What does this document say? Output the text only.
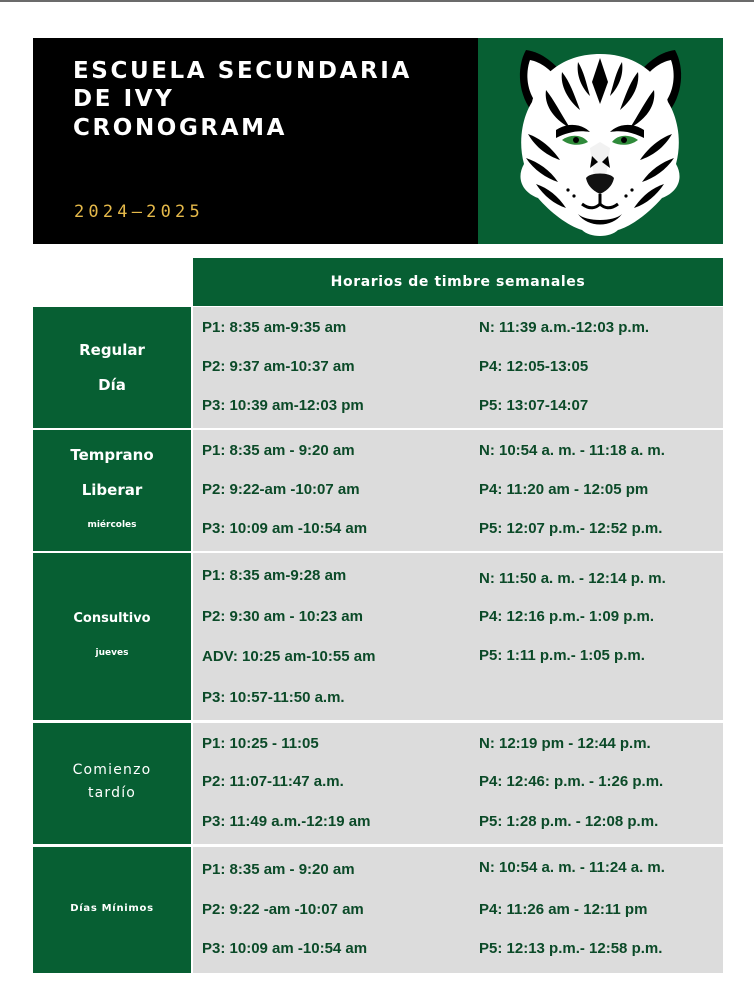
ESCUELA SECUNDARIA
DE IVY
CRONOGRAMA
2024–2025
Horarios de timbre semanales
Regular
Día
P1: 8:35 am-9:35 am
P2: 9:37 am-10:37 am
P3: 10:39 am-12:03 pm
N: 11:39 a.m.-12:03 p.m.
P4: 12:05-13:05
P5: 13:07-14:07
Temprano
Liberar
miércoles
P1: 8:35 am - 9:20 am
P2: 9:22-am -10:07 am
P3: 10:09 am -10:54 am
N: 10:54 a. m. - 11:18 a. m.
P4: 11:20 am - 12:05 pm
P5: 12:07 p.m.- 12:52 p.m.
Consultivo
jueves
P1: 8:35 am-9:28 am
P2: 9:30 am - 10:23 am
ADV: 10:25 am-10:55 am
P3: 10:57-11:50 a.m.
N: 11:50 a. m. - 12:14 p. m.
P4: 12:16 p.m.- 1:09 p.m.
P5: 1:11 p.m.- 1:05 p.m.
Comienzo
tardío
P1: 10:25 - 11:05
P2: 11:07-11:47 a.m.
P3: 11:49 a.m.-12:19 am
N: 12:19 pm - 12:44 p.m.
P4: 12:46: p.m. - 1:26 p.m.
P5: 1:28 p.m. - 12:08 p.m.
Días Mínimos
P1: 8:35 am - 9:20 am
P2: 9:22 -am -10:07 am
P3: 10:09 am -10:54 am
N: 10:54 a. m. - 11:24 a. m.
P4: 11:26 am - 12:11 pm
P5: 12:13 p.m.- 12:58 p.m.
